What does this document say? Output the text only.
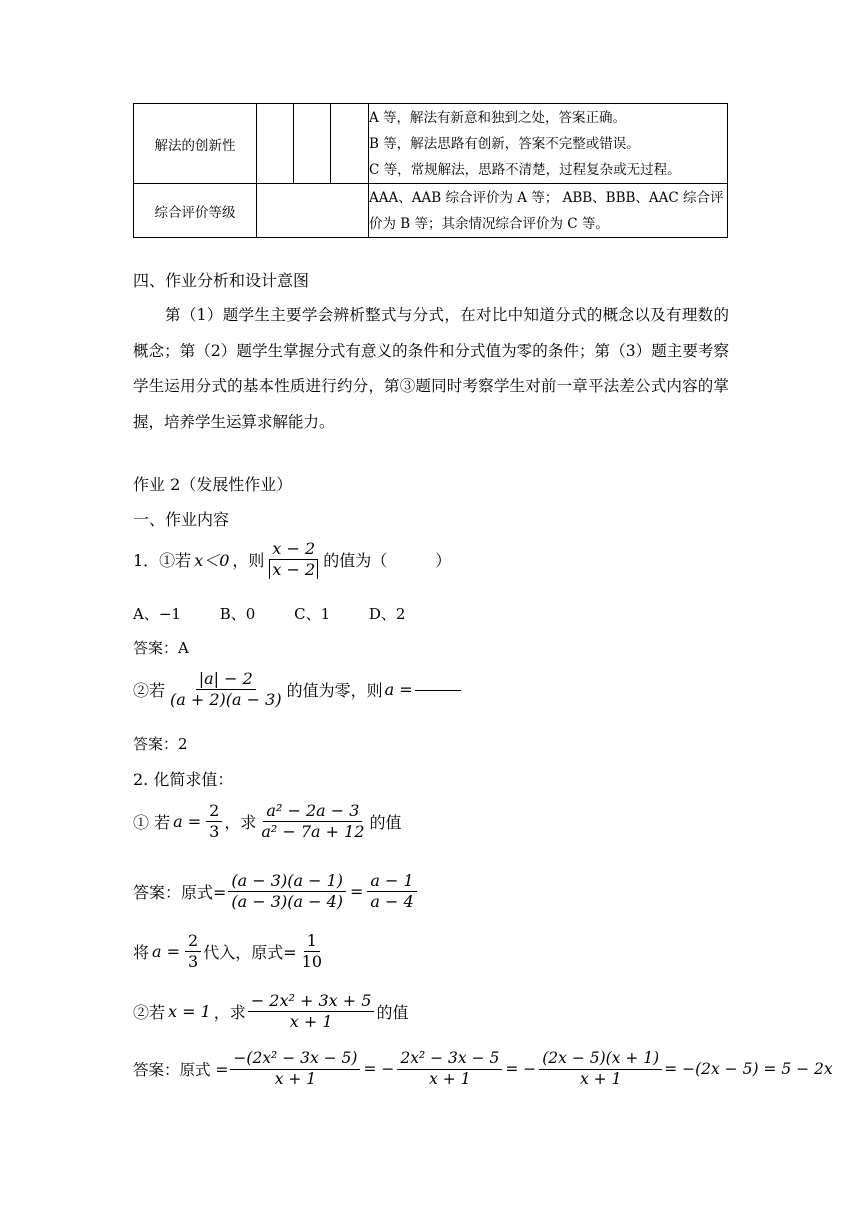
解法的创新性				A 等，解法有新意和独到之处，答案正确。
B 等，解法思路有创新，答案不完整或错误。
C 等，常规解法，思路不清楚，过程复杂或无过程。

综合评价等级				AAA、AAB 综合评价为 A 等； ABB、BBB、AAC 综合评
价为 B 等；其余情况综合评价为 C 等。
四、作业分析和设计意图
第（1）题学生主要学会辨析整式与分式，在对比中知道分式的概念以及有理数的概念；第（2）题学生掌握分式有意义的条件和分式值为零的条件；第（3）题主要考察学生运用分式的基本性质进行约分，第③题同时考察学生对前一章平法差公式内容的掌握，培养学生运算求解能力。
作业 2（发展性作业）
一、作业内容
1．①若 x＜0 ，则 $\frac{x - 2}{x - 2}$ 的值为（　　　）
A、−1	B、0	C、1	D、2
答案：A
②若 $\frac{|a| - 2}{(a + 2)(a - 3)}$ 的值为零，则 a =
答案：2
2. 化简求值：
① 若 $a = \frac{2}{3}$ ，求 $\frac{\text{a² − 2a − 3}}{\text{a² − 7a + 12}}$ 的值
答案：原式= $\frac{(a - 3)(a - 1)}{(a - 3)(a - 4)} = \frac{a - 1}{a - 4}$
将 $a = \frac{2}{3}$ 代入，原式= $\frac{1}{10}$
②若 x = 1 ，求 $\frac{\text{− 2x² + 3x + 5}}{x + 1}$ 的值
答案：原式 = $\frac{\text{−(2x² − 3x − 5)}}{x + 1}$ = − $\frac{\text{2x² − 3x − 5}}{x + 1}$ = − $\frac{(2x - 5)(x + 1)}{x + 1} = -(2x - 5) = 5 - 2x$
